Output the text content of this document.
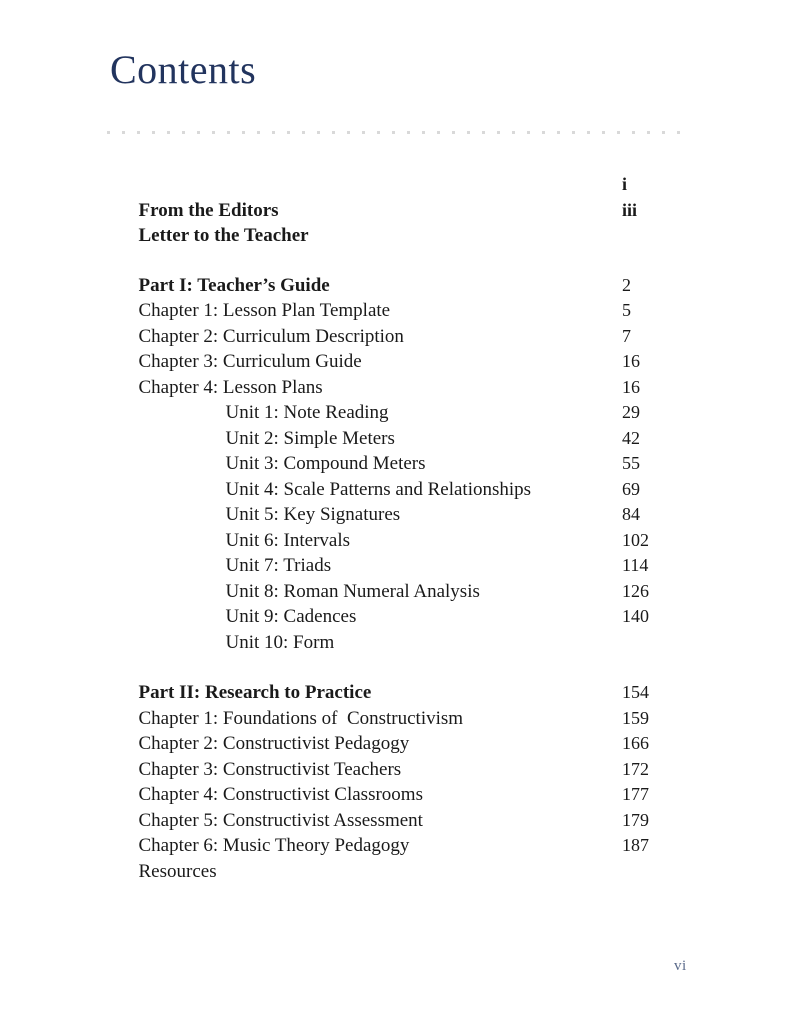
Contents

From the Editors

i

Letter to the Teacher

iii

Part I: Teacher’s Guide

Chapter 1: Lesson Plan Template

2

Chapter 2: Curriculum Description

5

Chapter 3: Curriculum Guide

7

Chapter 4: Lesson Plans

16

Unit 1: Note Reading

16

Unit 2: Simple Meters

29

Unit 3: Compound Meters

42

Unit 4: Scale Patterns and Relationships

55

Unit 5: Key Signatures

69

Unit 6: Intervals

84

Unit 7: Triads

102

Unit 8: Roman Numeral Analysis

114

Unit 9: Cadences

126

Unit 10: Form

140

Part II: Research to Practice

Chapter 1: Foundations of  Constructivism

154

Chapter 2: Constructivist Pedagogy

159

Chapter 3: Constructivist Teachers

166

Chapter 4: Constructivist Classrooms

172

Chapter 5: Constructivist Assessment

177

Chapter 6: Music Theory Pedagogy

179

Resources

187

vi
